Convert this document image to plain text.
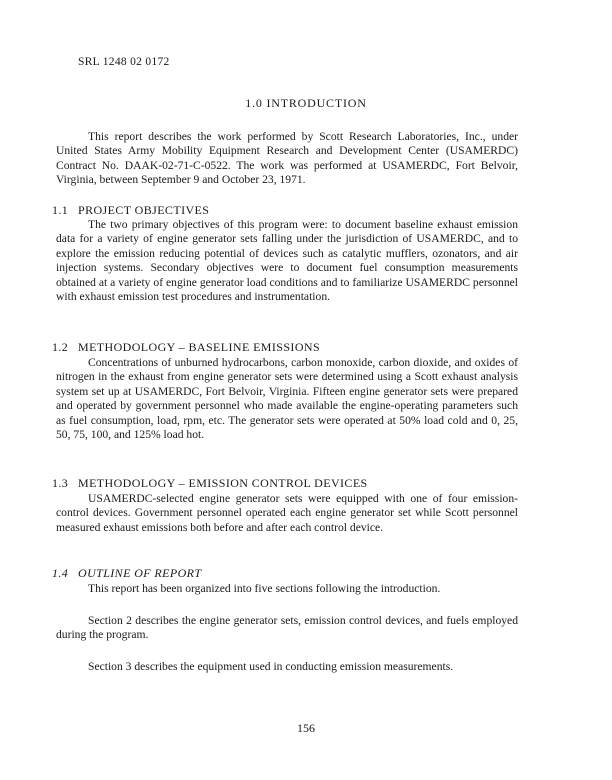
SRL 1248 02 0172
1.0 INTRODUCTION

This report describes the work performed by Scott Research Laboratories, Inc., under United States Army Mobility Equipment Research and Development Center (USAMERDC) Contract No. DAAK-02-71-C-0522. The work was performed at USAMERDC, Fort Belvoir, Virginia, between September 9 and October 23, 1971.

1.1 PROJECT OBJECTIVES

The two primary objectives of this program were: to document baseline exhaust emission data for a variety of engine generator sets falling under the jurisdiction of USAMERDC, and to explore the emission reducing potential of devices such as catalytic mufflers, ozonators, and air injection systems. Secondary objectives were to document fuel consumption measurements obtained at a variety of engine generator load conditions and to familiarize USAMERDC personnel with exhaust emission test procedures and instrumentation.

1.2 METHODOLOGY – BASELINE EMISSIONS

Concentrations of unburned hydrocarbons, carbon monoxide, carbon dioxide, and oxides of nitrogen in the exhaust from engine generator sets were determined using a Scott exhaust analysis system set up at USAMERDC, Fort Belvoir, Virginia. Fifteen engine generator sets were prepared and operated by government personnel who made available the engine-operating parameters such as fuel consumption, load, rpm, etc. The generator sets were operated at 50% load cold and 0, 25, 50, 75, 100, and 125% load hot.

1.3 METHODOLOGY – EMISSION CONTROL DEVICES

USAMERDC-selected engine generator sets were equipped with one of four emission-control devices. Government personnel operated each engine generator set while Scott personnel measured exhaust emissions both before and after each control device.

1.4 OUTLINE OF REPORT

This report has been organized into five sections following the introduction.

Section 2 describes the engine generator sets, emission control devices, and fuels employed during the program.

Section 3 describes the equipment used in conducting emission measurements.

156
